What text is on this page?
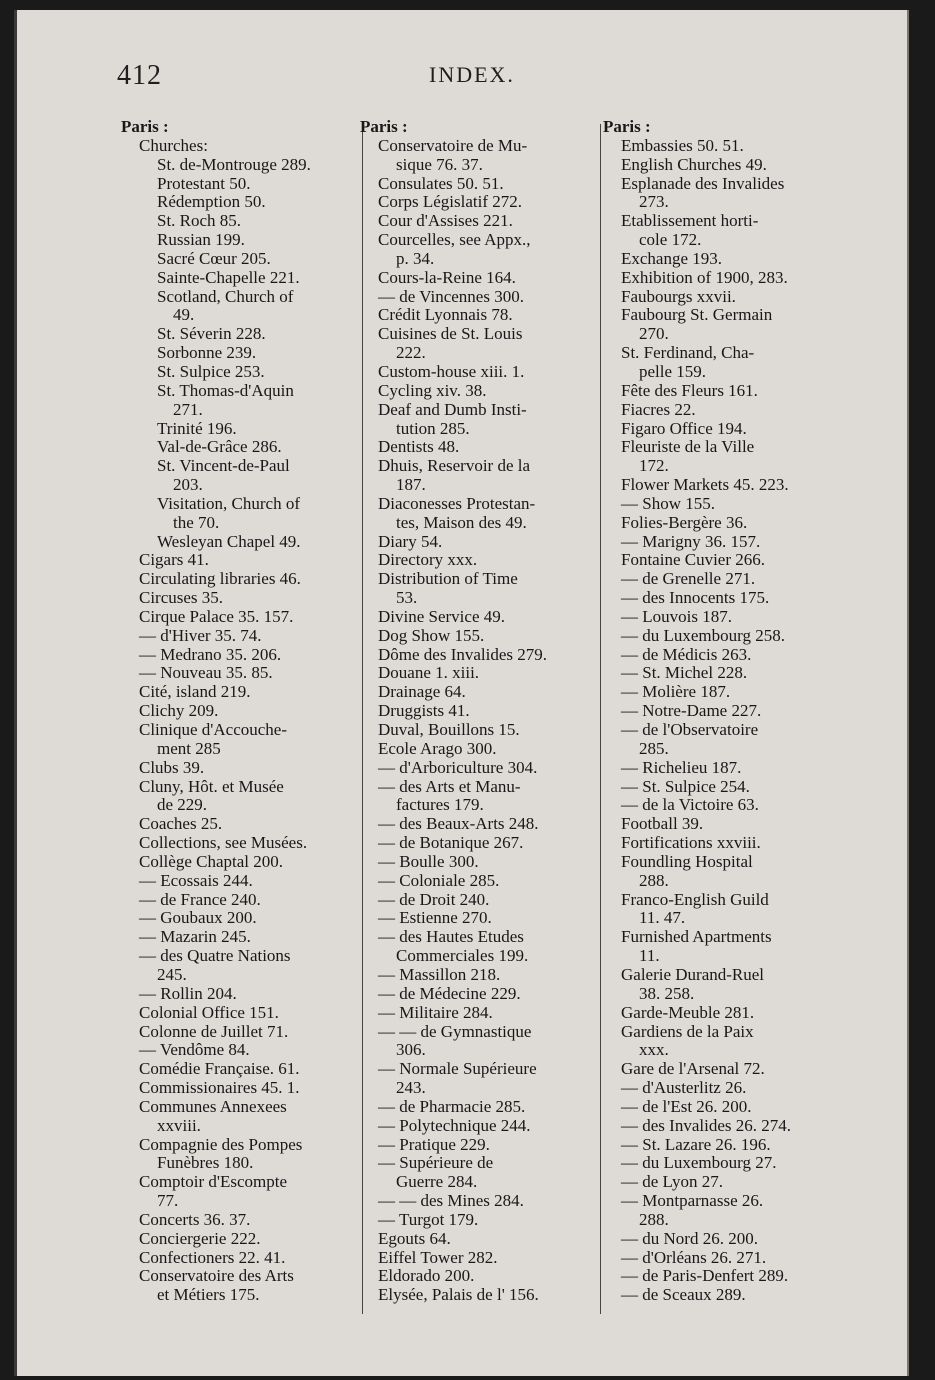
412	INDEX.
Paris :
Churches:
St. de-Montrouge 289.
Protestant 50.
Rédemption 50.
St. Roch 85.
Russian 199.
Sacré Cœur 205.
Sainte-Chapelle 221.
Scotland, Church of
49.
St. Séverin 228.
Sorbonne 239.
St. Sulpice 253.
St. Thomas-d'Aquin
271.
Trinité 196.
Val-de-Grâce 286.
St. Vincent-de-Paul
203.
Visitation, Church of
the 70.
Wesleyan Chapel 49.
Cigars 41.
Circulating libraries 46.
Circuses 35.
Cirque Palace 35. 157.
— d'Hiver 35. 74.
— Medrano 35. 206.
— Nouveau 35. 85.
Cité, island 219.
Clichy 209.
Clinique d'Accouche-
ment 285
Clubs 39.
Cluny, Hôt. et Musée
de 229.
Coaches 25.
Collections, see Musées.
Collège Chaptal 200.
— Ecossais 244.
— de France 240.
— Goubaux 200.
— Mazarin 245.
— des Quatre Nations
245.
— Rollin 204.
Colonial Office 151.
Colonne de Juillet 71.
— Vendôme 84.
Comédie Française. 61.
Commissionaires 45. 1.
Communes Annexees
xxviii.
Compagnie des Pompes
Funèbres 180.
Comptoir d'Escompte
77.
Concerts 36. 37.
Conciergerie 222.
Confectioners 22. 41.
Conservatoire des Arts
et Métiers 175.
Paris :
Conservatoire de Mu-
sique 76. 37.
Consulates 50. 51.
Corps Législatif 272.
Cour d'Assises 221.
Courcelles, see Appx.,
p. 34.
Cours-la-Reine 164.
— de Vincennes 300.
Crédit Lyonnais 78.
Cuisines de St. Louis
222.
Custom-house xiii. 1.
Cycling xiv. 38.
Deaf and Dumb Insti-
tution 285.
Dentists 48.
Dhuis, Reservoir de la
187.
Diaconesses Protestan-
tes, Maison des 49.
Diary 54.
Directory xxx.
Distribution of Time
53.
Divine Service 49.
Dog Show 155.
Dôme des Invalides 279.
Douane 1. xiii.
Drainage 64.
Druggists 41.
Duval, Bouillons 15.
Ecole Arago 300.
— d'Arboriculture 304.
— des Arts et Manu-
factures 179.
— des Beaux-Arts 248.
— de Botanique 267.
— Boulle 300.
— Coloniale 285.
— de Droit 240.
— Estienne 270.
— des Hautes Etudes
Commerciales 199.
— Massillon 218.
— de Médecine 229.
— Militaire 284.
— — de Gymnastique
306.
— Normale Supérieure
243.
— de Pharmacie 285.
— Polytechnique 244.
— Pratique 229.
— Supérieure de
Guerre 284.
— — des Mines 284.
— Turgot 179.
Egouts 64.
Eiffel Tower 282.
Eldorado 200.
Elysée, Palais de l' 156.
Paris :
Embassies 50. 51.
English Churches 49.
Esplanade des Invalides
273.
Etablissement horti-
cole 172.
Exchange 193.
Exhibition of 1900, 283.
Faubourgs xxvii.
Faubourg St. Germain
270.
St. Ferdinand, Cha-
pelle 159.
Fête des Fleurs 161.
Fiacres 22.
Figaro Office 194.
Fleuriste de la Ville
172.
Flower Markets 45. 223.
— Show 155.
Folies-Bergère 36.
— Marigny 36. 157.
Fontaine Cuvier 266.
— de Grenelle 271.
— des Innocents 175.
— Louvois 187.
— du Luxembourg 258.
— de Médicis 263.
— St. Michel 228.
— Molière 187.
— Notre-Dame 227.
— de l'Observatoire
285.
— Richelieu 187.
— St. Sulpice 254.
— de la Victoire 63.
Football 39.
Fortifications xxviii.
Foundling Hospital
288.
Franco-English Guild
11. 47.
Furnished Apartments
11.
Galerie Durand-Ruel
38. 258.
Garde-Meuble 281.
Gardiens de la Paix
xxx.
Gare de l'Arsenal 72.
— d'Austerlitz 26.
— de l'Est 26. 200.
— des Invalides 26. 274.
— St. Lazare 26. 196.
— du Luxembourg 27.
— de Lyon 27.
— Montparnasse 26.
288.
— du Nord 26. 200.
— d'Orléans 26. 271.
— de Paris-Denfert 289.
— de Sceaux 289.
